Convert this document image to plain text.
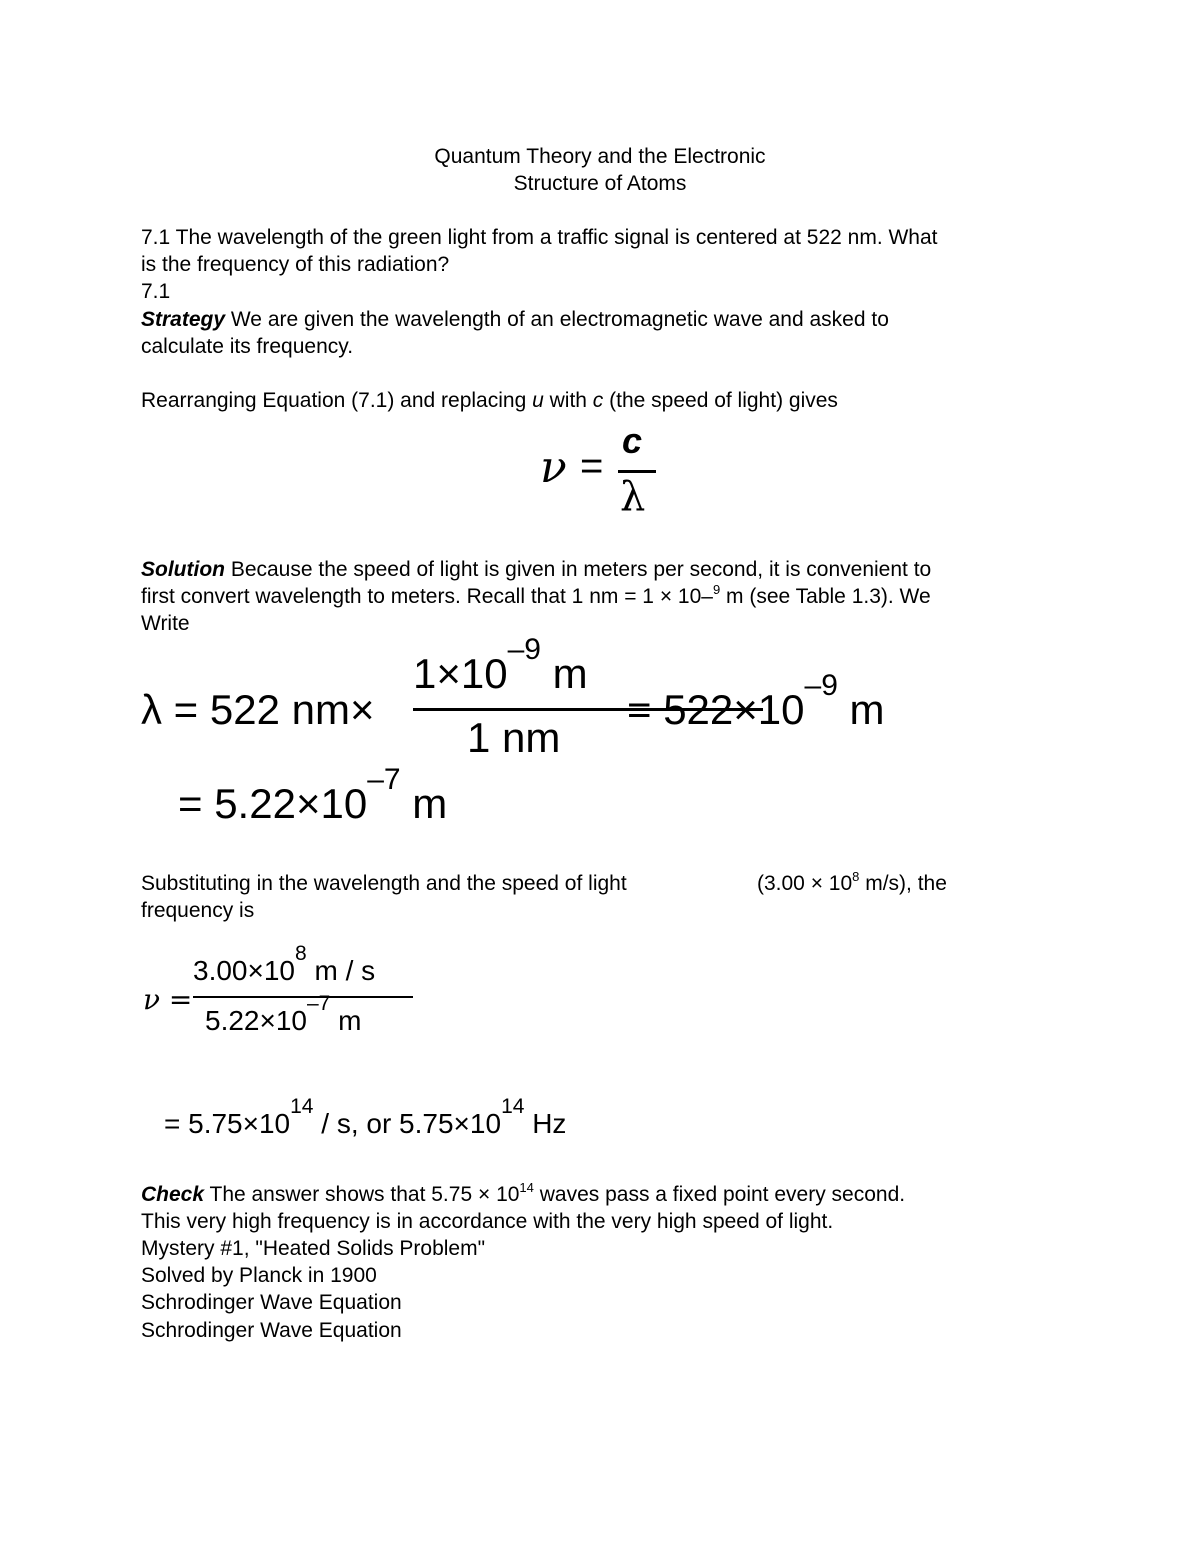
Quantum Theory and the Electronic
Structure of Atoms
7.1 The wavelength of the green light from a traffic signal is centered at 522 nm. What
is the frequency of this radiation?
7.1
Strategy We are given the wavelength of an electromagnetic wave and asked to
calculate its frequency.
Rearranging Equation (7.1) and replacing u with c (the speed of light) gives
ν =
c
λ
Solution Because the speed of light is given in meters per second, it is convenient to
first convert wavelength to meters. Recall that 1 nm = 1 × 10–$^9$ m (see Table 1.3). We
Write
λ = 522 nm×
$1\times 10^{-9}$ m
1 nm
= $522\times 10^{-9}$ m
= $5.22\times 10^{-7}$ m
Substituting in the wavelength and the speed of light	($3.00 \times 10^8$ m/s), the
frequency is
ν =
$3.00\times 10^8$ m / s
$5.22\times 10^{-7}$ m
= $5.75\times 10^{14} / s$, or $5.75\times 10^{14}$ Hz
Check The answer shows that $5.75 \times 10^{14}$ waves pass a fixed point every second.
This very high frequency is in accordance with the very high speed of light.
Mystery #1, "Heated Solids Problem"
Solved by Planck in 1900
Schrodinger Wave Equation
Schrodinger Wave Equation
